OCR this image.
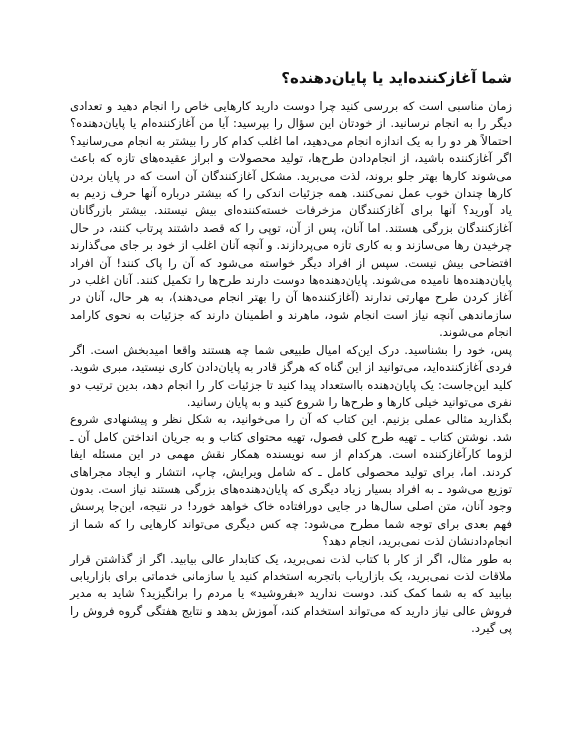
شما آغازکننده‌اید یا پایان‌دهنده؟

زمان مناسبی است که بررسی کنید چرا دوست دارید کارهایی خاص را انجام دهید و تعدادی دیگر را به انجام نرسانید. از خودتان این سؤال را بپرسید: آیا من آغازکننده‌ام یا پایان‌دهنده؟ احتمالاً هر دو را به یک اندازه انجام می‌دهید، اما اغلب کدام کار را بیشتر به انجام می‌رسانید؟ اگر آغازکننده باشید، از انجام‌دادن طرح‌ها، تولید محصولات و ابراز عقیده‌های تازه که باعث می‌شوند کارها بهتر جلو بروند، لذت می‌برید. مشکل آغازکنندگان آن است که در پایان بردن کارها چندان خوب عمل نمی‌کنند. همه جزئیات اندکی را که بیشتر درباره آنها حرف زدیم به یاد آورید؟ آنها برای آغازکنندگان مزخرفات خسته‌کننده‌ای بیش نیستند. بیشتر بازرگانان آغازکنندگان بزرگی هستند. اما آنان، پس از آن، توپی را که قصد داشتند پرتاب کنند، در حال چرخیدن رها می‌سازند و به کاری تازه می‌پردازند. و آنچه آنان اغلب از خود بر جای می‌گذارند افتضاحی بیش نیست. سپس از افراد دیگر خواسته می‌شود که آن را پاک کنند! آن افراد پایان‌دهنده‌ها نامیده می‌شوند. پایان‌دهنده‌ها دوست دارند طرح‌ها را تکمیل کنند. آنان اغلب در آغاز کردن طرح مهارتی ندارند (آغازکننده‌ها آن را بهتر انجام می‌دهند)، به هر حال، آنان در سازماندهی آنچه نیاز است انجام شود، ماهرند و اطمینان دارند که جزئیات به نحوی کارامد انجام می‌شوند.

پس، خود را بشناسید. درک این‌که امیال طبیعی شما چه هستند واقعا امیدبخش است. اگر فردی آغازکننده‌اید، می‌توانید از این گناه که هرگز قادر به پایان‌دادن کاری نیستید، مبری شوید. کلید این‌جاست: یک پایان‌دهنده بااستعداد پیدا کنید تا جزئیات کار را انجام دهد، بدین ترتیب دو نفری می‌توانید خیلی کارها و طرح‌ها را شروع کنید و به پایان رسانید.

بگذارید مثالی عملی بزنیم. این کتاب که آن را می‌خوانید، به شکل نظر و پیشنهادی شروع شد. نوشتن کتاب ـ تهیه طرح کلی فصول، تهیه محتوای کتاب و به جریان انداختن کامل آن ـ لزوما کارآغازکننده است. هرکدام از سه نویسنده همکار نقش مهمی در این مسئله ایفا کردند. اما، برای تولید محصولی کامل ـ که شامل ویرایش، چاپ، انتشار و ایجاد مجراهای توزیع می‌شود ـ به افراد بسیار زیاد دیگری که پایان‌دهنده‌های بزرگی هستند نیاز است. بدون وجود آنان، متن اصلی سال‌ها در جایی دورافتاده خاک خواهد خورد! در نتیجه، این‌جا پرسش فهم بعدی برای توجه شما مطرح می‌شود: چه کس دیگری می‌تواند کارهایی را که شما از انجام‌دادنشان لذت نمی‌برید، انجام دهد؟

به طور مثال، اگر از کار با کتاب لذت نمی‌برید، یک کتابدار عالی بیابید. اگر از گذاشتن قرار ملاقات لذت نمی‌برید، یک بازاریاب باتجربه استخدام کنید یا سازمانی خدماتی برای بازاریابی بیابید که به شما کمک کند. دوست ندارید «بفروشید» یا مردم را برانگیزید؟ شاید به مدیر فروش عالی نیاز دارید که می‌تواند استخدام کند، آموزش بدهد و نتایج هفتگی گروه فروش را پی گیرد.
